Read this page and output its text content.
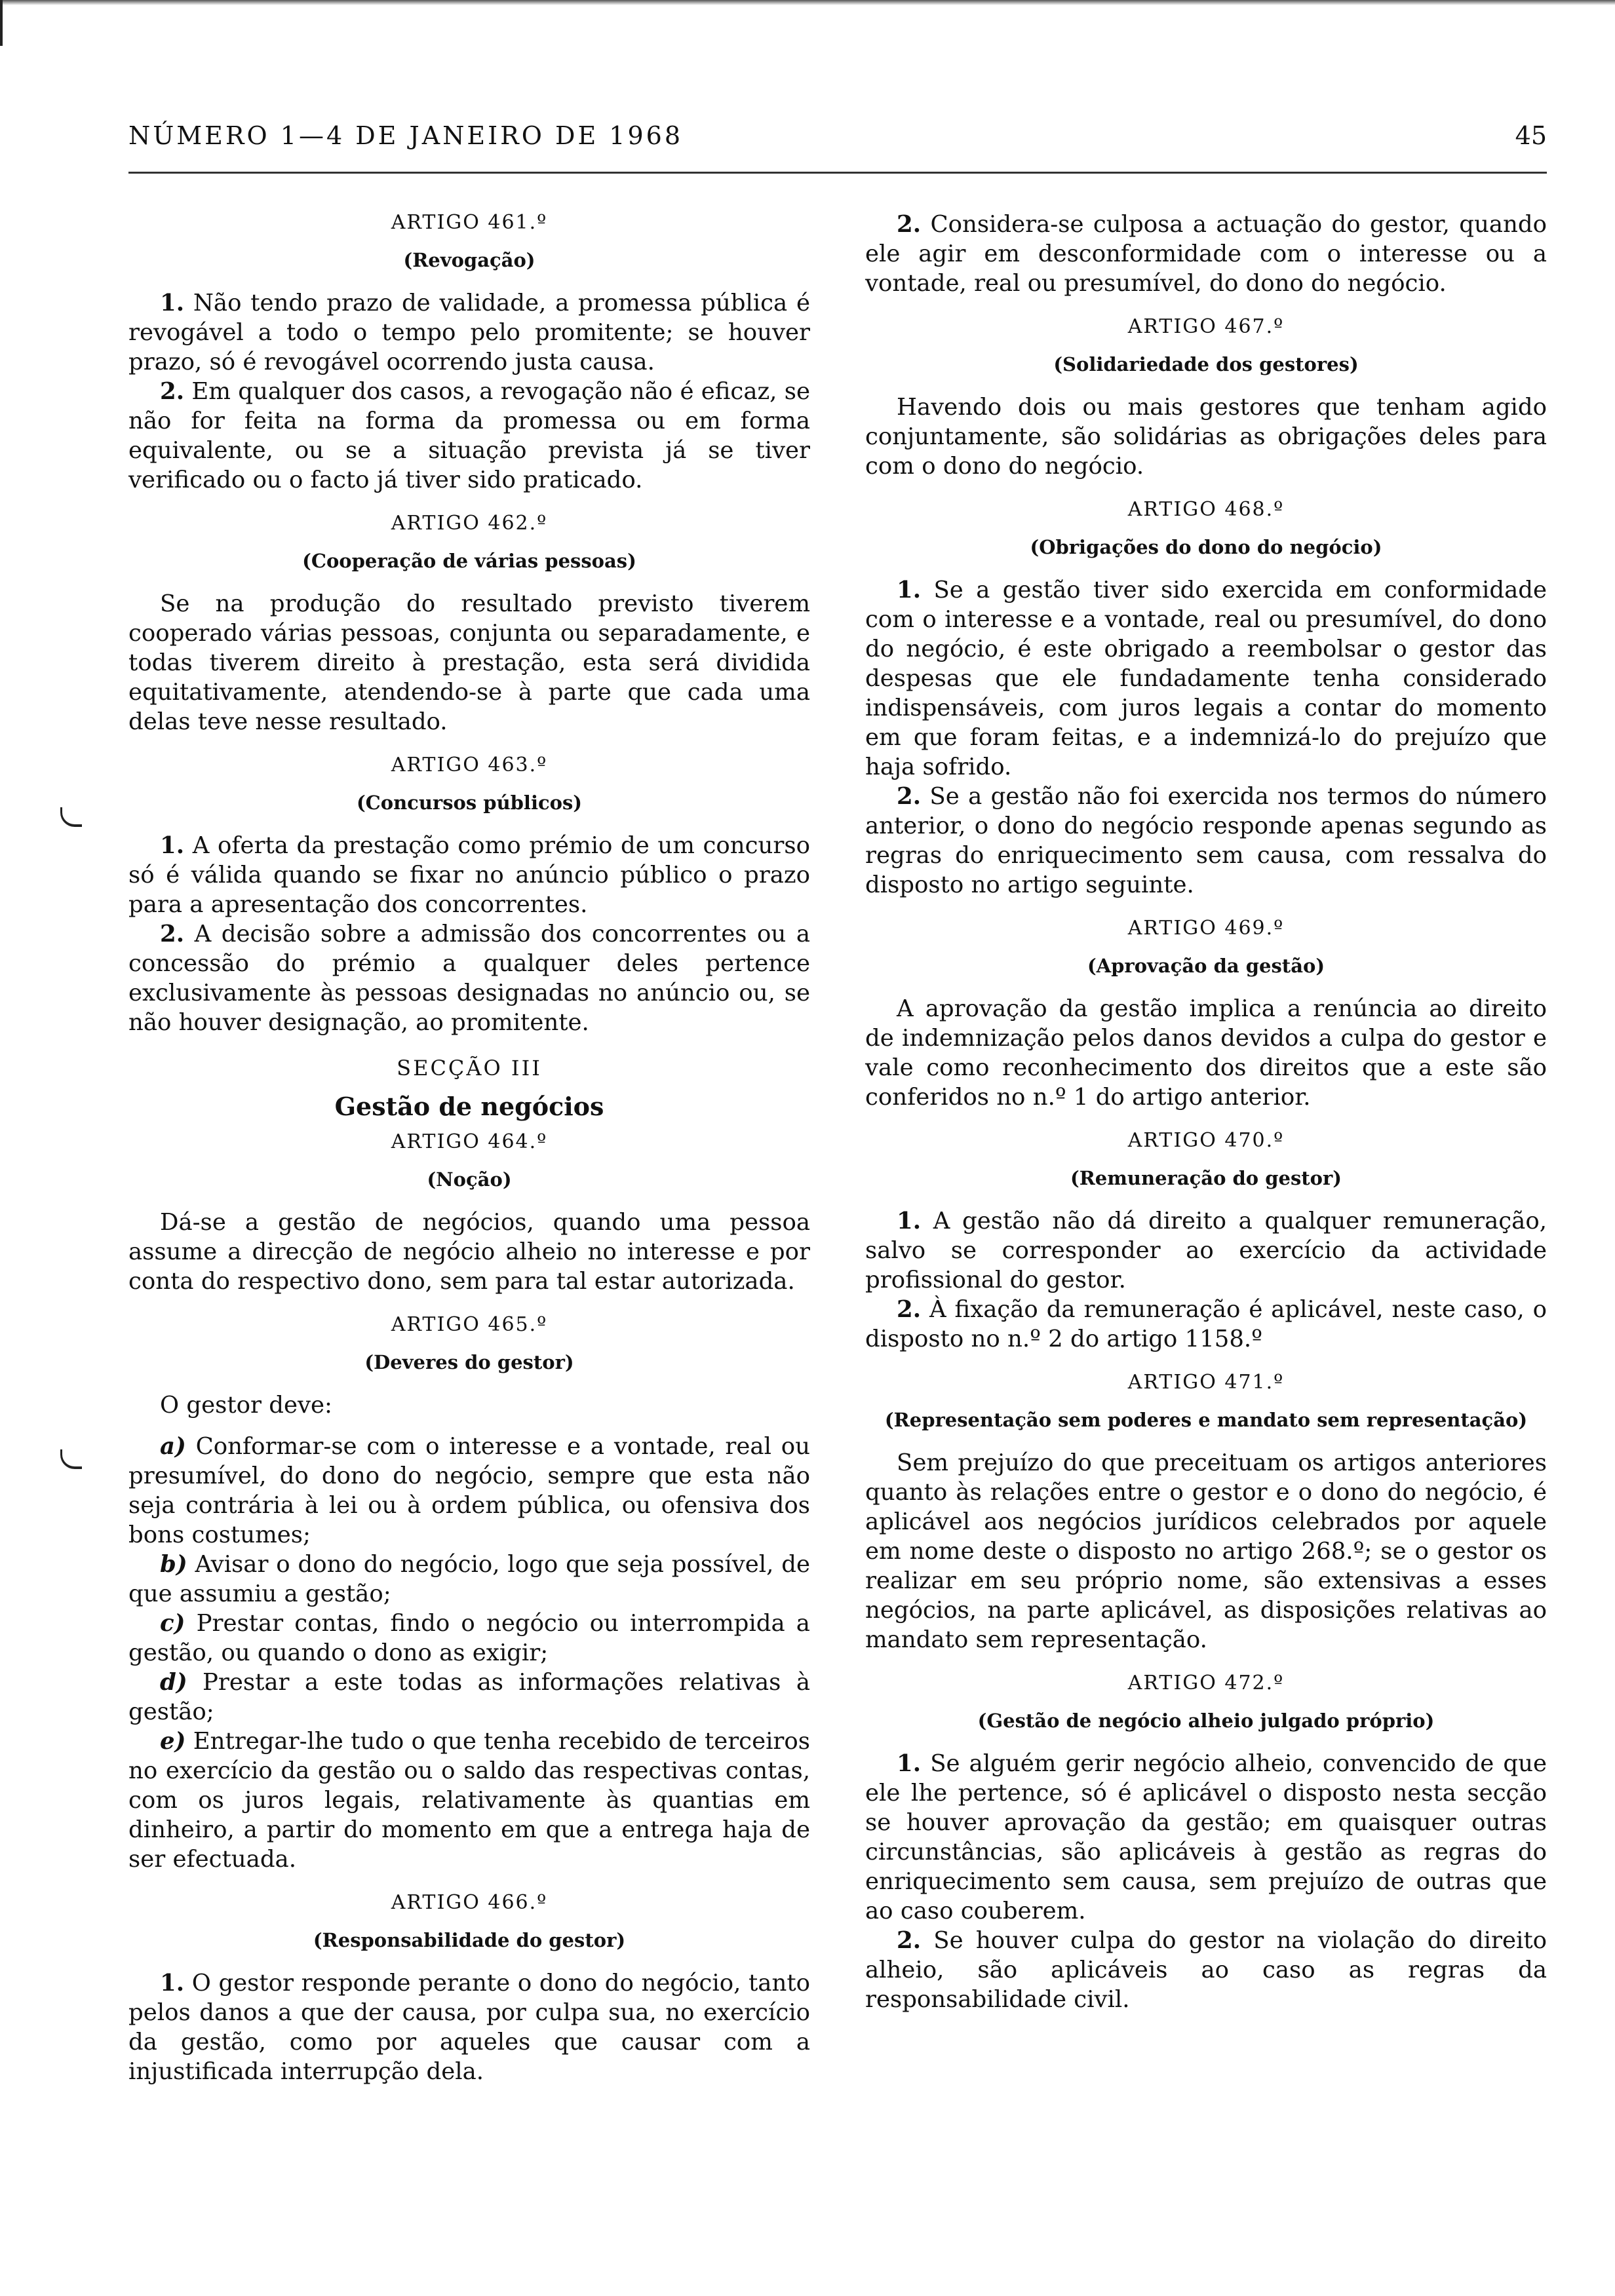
NÚMERO 1—4 DE JANEIRO DE 1968	45
ARTIGO 461.º
(Revogação)

1. Não tendo prazo de validade, a promessa pública é revogável a todo o tempo pelo promitente; se houver prazo, só é revogável ocorrendo justa causa.

2. Em qualquer dos casos, a revogação não é eficaz, se não for feita na forma da promessa ou em forma equivalente, ou se a situação prevista já se tiver verificado ou o facto já tiver sido praticado.

ARTIGO 462.º
(Cooperação de várias pessoas)

Se na produção do resultado previsto tiverem cooperado várias pessoas, conjunta ou separadamente, e todas tiverem direito à prestação, esta será dividida equitativamente, atendendo-se à parte que cada uma delas teve nesse resultado.

ARTIGO 463.º
(Concursos públicos)

1. A oferta da prestação como prémio de um concurso só é válida quando se fixar no anúncio público o prazo para a apresentação dos concorrentes.

2. A decisão sobre a admissão dos concorrentes ou a concessão do prémio a qualquer deles pertence exclusivamente às pessoas designadas no anúncio ou, se não houver designação, ao promitente.

SECÇÃO III
Gestão de negócios
ARTIGO 464.º
(Noção)

Dá-se a gestão de negócios, quando uma pessoa assume a direcção de negócio alheio no interesse e por conta do respectivo dono, sem para tal estar autorizada.

ARTIGO 465.º
(Deveres do gestor)

O gestor deve:

a) Conformar-se com o interesse e a vontade, real ou presumível, do dono do negócio, sempre que esta não seja contrária à lei ou à ordem pública, ou ofensiva dos bons costumes;

b) Avisar o dono do negócio, logo que seja possível, de que assumiu a gestão;

c) Prestar contas, findo o negócio ou interrompida a gestão, ou quando o dono as exigir;

d) Prestar a este todas as informações relativas à gestão;

e) Entregar-lhe tudo o que tenha recebido de terceiros no exercício da gestão ou o saldo das respectivas contas, com os juros legais, relativamente às quantias em dinheiro, a partir do momento em que a entrega haja de ser efectuada.

ARTIGO 466.º
(Responsabilidade do gestor)

1. O gestor responde perante o dono do negócio, tanto pelos danos a que der causa, por culpa sua, no exercício da gestão, como por aqueles que causar com a injustificada interrupção dela.

2. Considera-se culposa a actuação do gestor, quando ele agir em desconformidade com o interesse ou a vontade, real ou presumível, do dono do negócio.

ARTIGO 467.º
(Solidariedade dos gestores)

Havendo dois ou mais gestores que tenham agido conjuntamente, são solidárias as obrigações deles para com o dono do negócio.

ARTIGO 468.º
(Obrigações do dono do negócio)

1. Se a gestão tiver sido exercida em conformidade com o interesse e a vontade, real ou presumível, do dono do negócio, é este obrigado a reembolsar o gestor das despesas que ele fundadamente tenha considerado indispensáveis, com juros legais a contar do momento em que foram feitas, e a indemnizá-lo do prejuízo que haja sofrido.

2. Se a gestão não foi exercida nos termos do número anterior, o dono do negócio responde apenas segundo as regras do enriquecimento sem causa, com ressalva do disposto no artigo seguinte.

ARTIGO 469.º
(Aprovação da gestão)

A aprovação da gestão implica a renúncia ao direito de indemnização pelos danos devidos a culpa do gestor e vale como reconhecimento dos direitos que a este são conferidos no n.º 1 do artigo anterior.

ARTIGO 470.º
(Remuneração do gestor)

1. A gestão não dá direito a qualquer remuneração, salvo se corresponder ao exercício da actividade profissional do gestor.

2. À fixação da remuneração é aplicável, neste caso, o disposto no n.º 2 do artigo 1158.º

ARTIGO 471.º
(Representação sem poderes e mandato sem representação)

Sem prejuízo do que preceituam os artigos anteriores quanto às relações entre o gestor e o dono do negócio, é aplicável aos negócios jurídicos celebrados por aquele em nome deste o disposto no artigo 268.º; se o gestor os realizar em seu próprio nome, são extensivas a esses negócios, na parte aplicável, as disposições relativas ao mandato sem representação.

ARTIGO 472.º
(Gestão de negócio alheio julgado próprio)

1. Se alguém gerir negócio alheio, convencido de que ele lhe pertence, só é aplicável o disposto nesta secção se houver aprovação da gestão; em quaisquer outras circunstâncias, são aplicáveis à gestão as regras do enriquecimento sem causa, sem prejuízo de outras que ao caso couberem.

2. Se houver culpa do gestor na violação do direito alheio, são aplicáveis ao caso as regras da responsabilidade civil.
